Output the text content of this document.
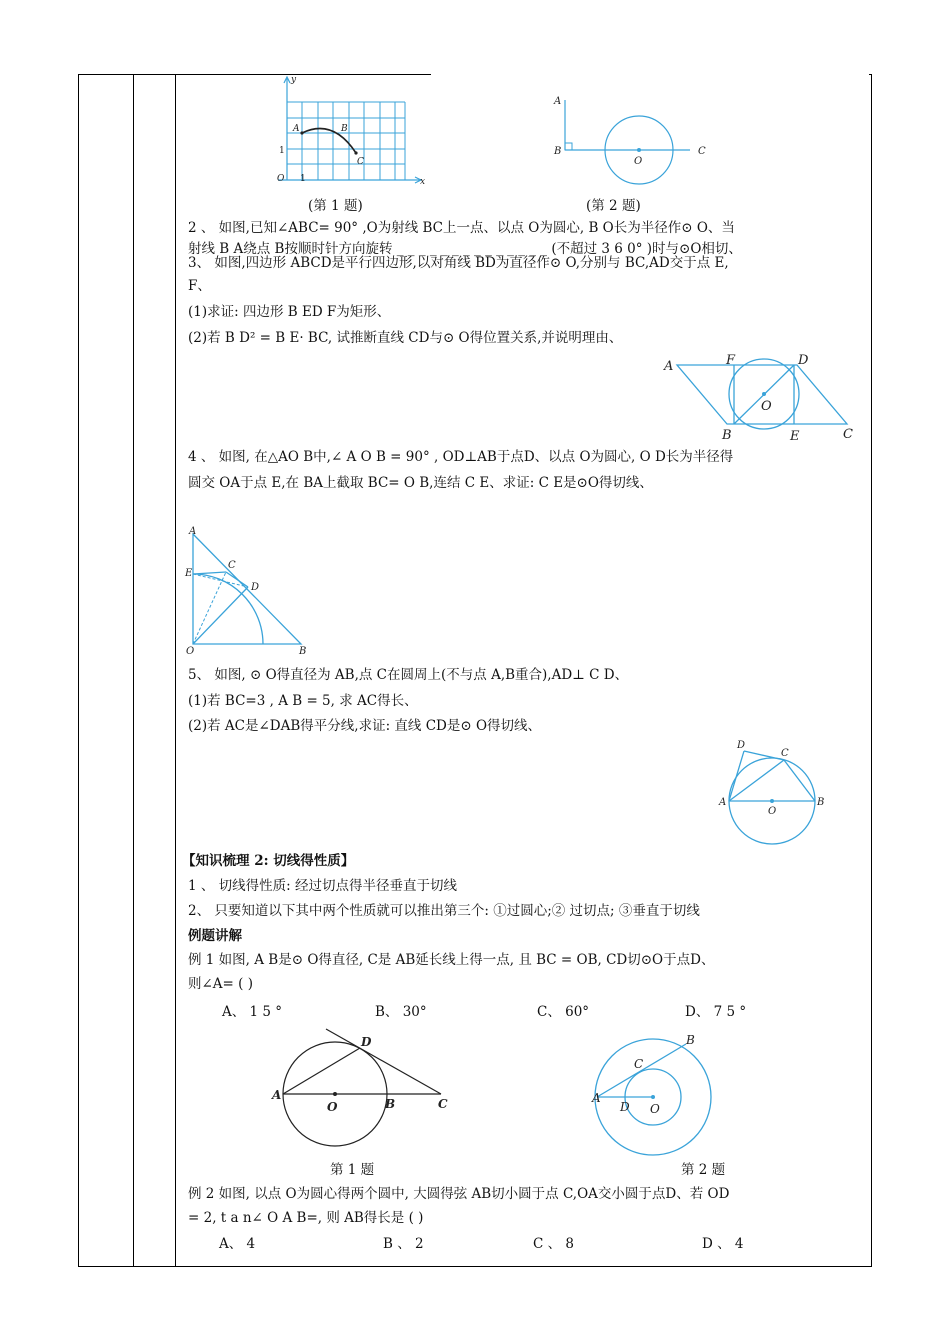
y
x
O
A	B
C
1
1
(第 1 题)
A
B	C
O
(第 2 题)
2 、 如图,已知∠ABC= 90° ,O为射线 BC上一点、以点 O为圆心, B O长为半径作⊙ O、当
射线 B A绕点 B按顺时针方向旋转 _ _ _ _ _ _ _ _ _ _ _ _ _ _ (不超过 3 6 0° )时与⊙O相切、
3、 如图,四边形 ABCD是平行四边形,以对角线 BD为直径作⊙ O,分别与 BC,AD交于点 E,
F、
(1)求证: 四边形 B ED F为矩形、
(2)若 B D² = B E· BC, 试推断直线 CD与⊙ O得位置关系,并说明理由、
A	F	D
O
B	E	C
4 、 如图, 在△AO B中,∠ A O B = 90° , OD⊥AB于点D、以点 O为圆心, O D长为半径得
圆交 OA于点 E,在 BA上截取 BC= O B,连结 C E、求证: C E是⊙O得切线、
A
C
E
D
O	B
5、 如图, ⊙ O得直径为 AB,点 C在圆周上(不与点 A,B重合),AD⊥ C D、
(1)若 BC=3 , A B = 5, 求 AC得长、
(2)若 AC是∠DAB得平分线,求证: 直线 CD是⊙ O得切线、
D
C
A
O
B
【知识梳理 2: 切线得性质】
1 、 切线得性质: 经过切点得半径垂直于切线
2、 只要知道以下其中两个性质就可以推出第三个: ①过圆心;② 过切点; ③垂直于切线
例题讲解
例 1 如图, A B是⊙ O得直径, C是 AB延长线上得一点, 且 BC = OB, CD切⊙O于点D、
则∠A= ( )
A、 1 5 °	B、 30°	C、 60°	D、 7 5 °
D
A
O	B	C
第 1 题
B
C
A
D O
第 2 题
例 2 如图, 以点 O为圆心得两个圆中, 大圆得弦 AB切小圆于点 C,OA交小圆于点D、若 OD
= 2, t a n∠ O A B=, 则 AB得长是 ( )
A、 4	B 、 2	C 、 8	D 、 4
